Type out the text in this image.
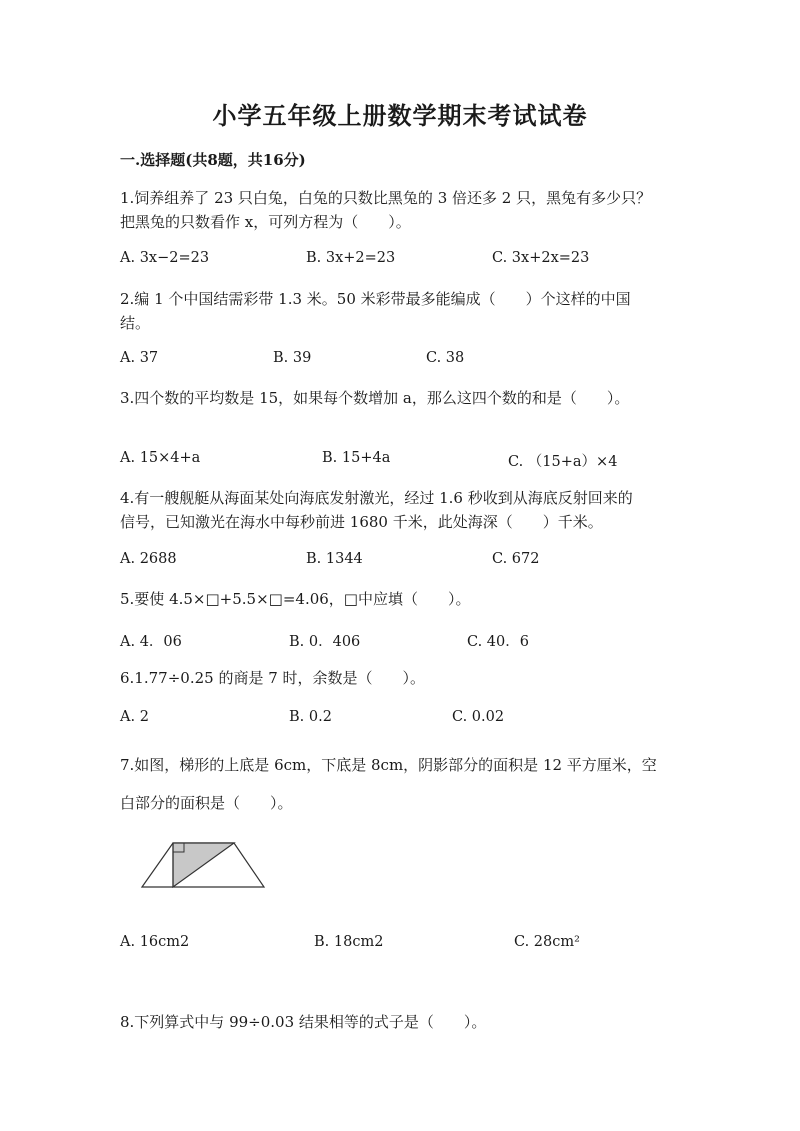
小学五年级上册数学期末考试试卷
一.选择题(共8题，共16分)
1.饲养组养了 23 只白兔，白兔的只数比黑兔的 3 倍还多 2 只，黑兔有多少只？
把黑兔的只数看作 x，可列方程为（　　）。
A. 3x−2=23	B. 3x+2=23	C. 3x+2x=23
2.编 1 个中国结需彩带 1.3 米。50 米彩带最多能编成（　　）个这样的中国
结。
A. 37	B. 39	C. 38
3.四个数的平均数是 15，如果每个数增加 a，那么这四个数的和是（　　）。
A. 15×4+a	B. 15+4a	C. （15+a）×4
4.有一艘舰艇从海面某处向海底发射激光，经过 1.6 秒收到从海底反射回来的
信号，已知激光在海水中每秒前进 1680 千米，此处海深（　　）千米。
A. 2688	B. 1344	C. 672
5.要使 4.5×□+5.5×□=4.06，□中应填（　　）。
A. 4．06	B. 0．406	C. 40．6
6.1.77÷0.25 的商是 7 时，余数是（　　）。
A. 2	B. 0.2	C. 0.02
7.如图，梯形的上底是 6cm，下底是 8cm，阴影部分的面积是 12 平方厘米，空
白部分的面积是（　　）。
A. 16cm2	B. 18cm2	C. 28cm²
8.下列算式中与 99÷0.03 结果相等的式子是（　　）。
